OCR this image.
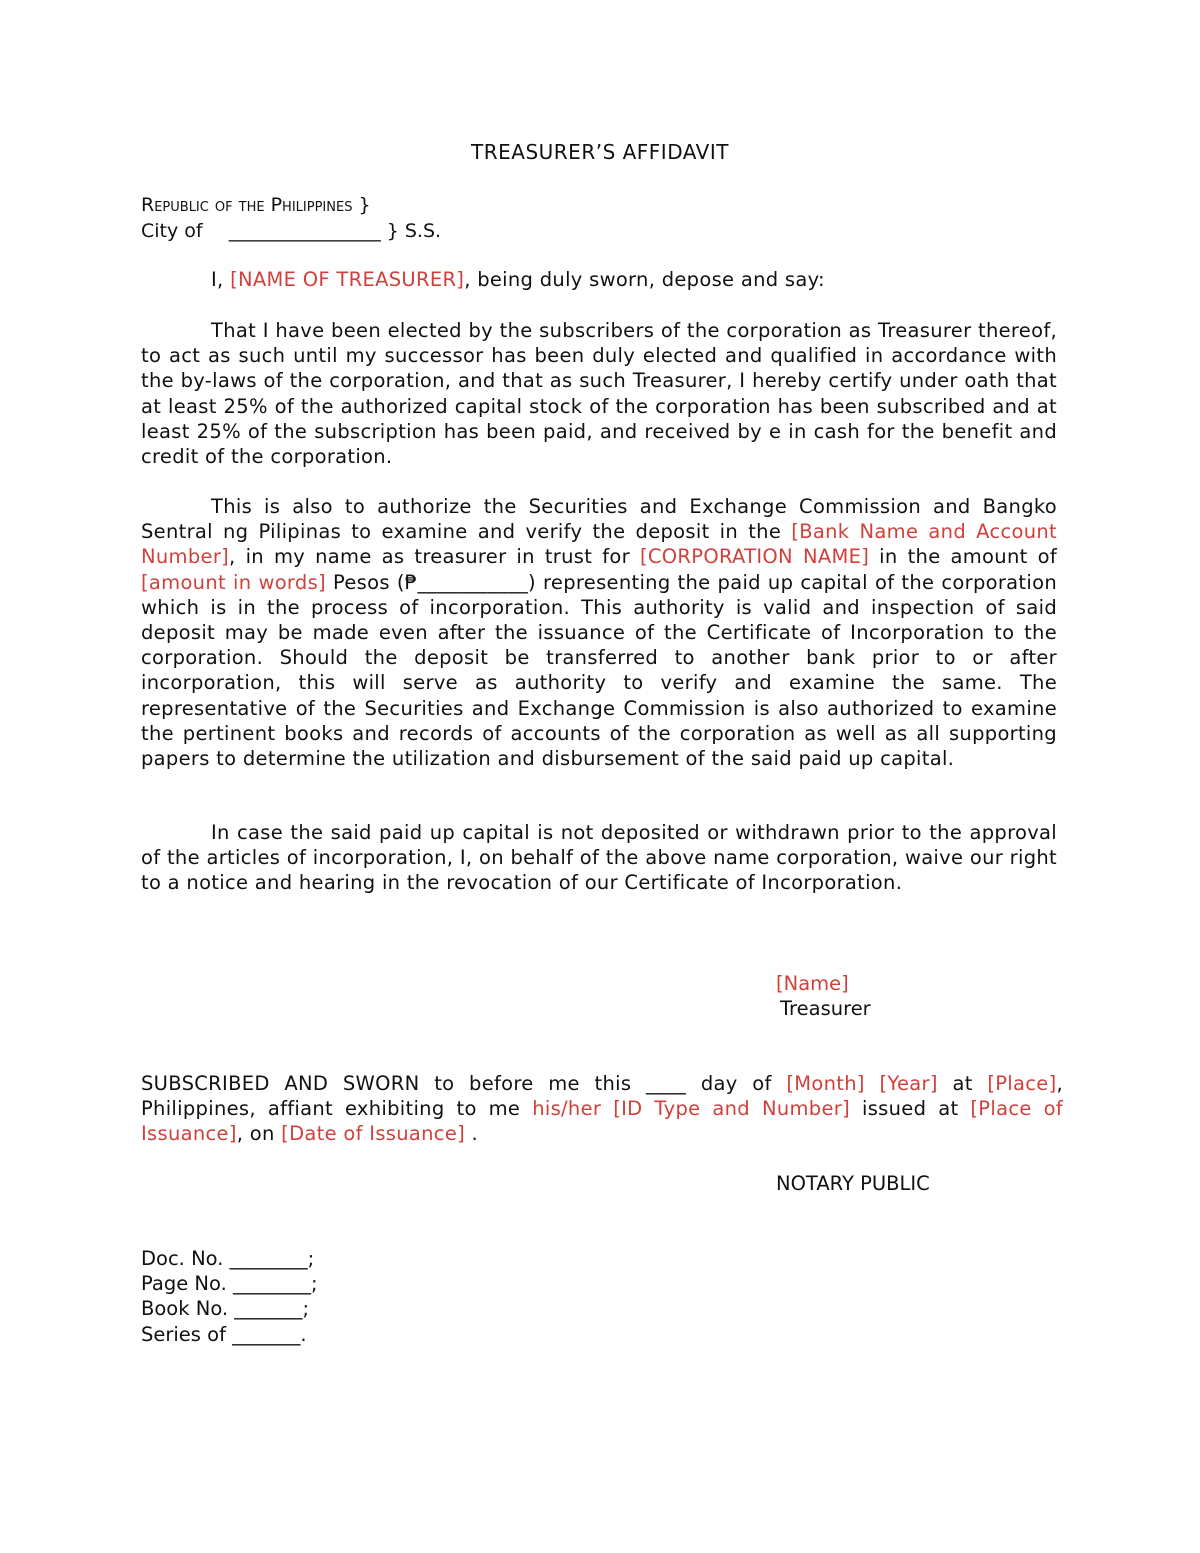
TREASURER’S AFFIDAVIT
Republic of the Philippines }
City of ________________ } S.S.
I, [NAME OF TREASURER], being duly sworn, depose and say:

That I have been elected by the subscribers of the corporation as Treasurer thereof, to act as such until my successor has been duly elected and qualified in accordance with the by-laws of the corporation, and that as such Treasurer, I hereby certify under oath that at least 25% of the authorized capital stock of the corporation has been subscribed and at least 25% of the subscription has been paid, and received by e in cash for the benefit and credit of the corporation.

This is also to authorize the Securities and Exchange Commission and Bangko Sentral ng Pilipinas to examine and verify the deposit in the [Bank Name and Account Number], in my name as treasurer in trust for [CORPORATION NAME] in the amount of [amount in words] Pesos (₱___________) representing the paid up capital of the corporation which is in the process of incorporation. This authority is valid and inspection of said deposit may be made even after the issuance of the Certificate of Incorporation to the corporation. Should the deposit be transferred to another bank prior to or after incorporation, this will serve as authority to verify and examine the same. The representative of the Securities and Exchange Commission is also authorized to examine the pertinent books and records of accounts of the corporation as well as all supporting papers to determine the utilization and disbursement of the said paid up capital.

In case the said paid up capital is not deposited or withdrawn prior to the approval of the articles of incorporation, I, on behalf of the above name corporation, waive our right to a notice and hearing in the revocation of our Certificate of Incorporation.

[Name]
Treasurer

SUBSCRIBED AND SWORN to before me this ____ day of [Month] [Year] at [Place], Philippines, affiant exhibiting to me his/her [ID Type and Number] issued at [Place of Issuance], on [Date of Issuance] .

NOTARY PUBLIC
Doc. No. ________;
Page No. ________;
Book No. _______;
Series of _______.
